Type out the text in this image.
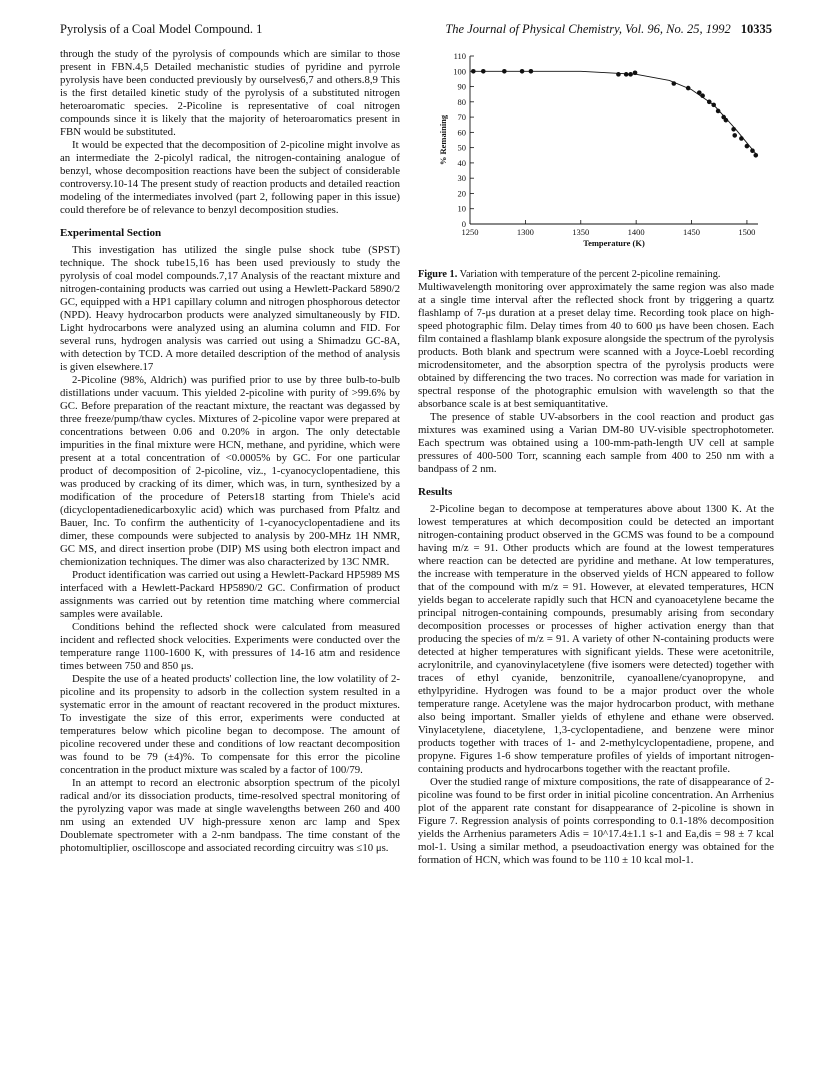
Pyrolysis of a Coal Model Compound. 1	The Journal of Physical Chemistry, Vol. 96, No. 25, 1992 10335

through the study of the pyrolysis of compounds which are similar to those present in FBN.4,5 Detailed mechanistic studies of pyridine and pyrrole pyrolysis have been conducted previously by ourselves6,7 and others.8,9 This is the first detailed kinetic study of the pyrolysis of a substituted nitrogen heteroaromatic species. 2-Picoline is representative of coal nitrogen compounds since it is likely that the majority of heteroaromatics present in FBN would be substituted.

It would be expected that the decomposition of 2-picoline might involve as an intermediate the 2-picolyl radical, the nitrogen-containing analogue of benzyl, whose decomposition reactions have been the subject of considerable controversy.10-14 The present study of reaction products and detailed reaction modeling of the intermediates involved (part 2, following paper in this issue) could therefore be of relevance to benzyl decomposition studies.

Experimental Section

This investigation has utilized the single pulse shock tube (SPST) technique. The shock tube15,16 has been used previously to study the pyrolysis of coal model compounds.7,17 Analysis of the reactant mixture and nitrogen-containing products was carried out using a Hewlett-Packard 5890/2 GC, equipped with a HP1 capillary column and nitrogen phosphorous detector (NPD). Heavy hydrocarbon products were analyzed simultaneously by FID. Light hydrocarbons were analyzed using an alumina column and FID. For several runs, hydrogen analysis was carried out using a Shimadzu GC-8A, with detection by TCD. A more detailed description of the method of analysis is given elsewhere.17

2-Picoline (98%, Aldrich) was purified prior to use by three bulb-to-bulb distillations under vacuum. This yielded 2-picoline with purity of >99.6% by GC. Before preparation of the reactant mixture, the reactant was degassed by three freeze/pump/thaw cycles. Mixtures of 2-picoline vapor were prepared at concentrations between 0.06 and 0.20% in argon. The only detectable impurities in the final mixture were HCN, methane, and pyridine, which were present at a total concentration of <0.0005% by GC. For one particular product of decomposition of 2-picoline, viz., 1-cyanocyclopentadiene, this was produced by cracking of its dimer, which was, in turn, synthesized by a modification of the procedure of Peters18 starting from Thiele's acid (dicyclopentadienedicarboxylic acid) which was purchased from Pfaltz and Bauer, Inc. To confirm the authenticity of 1-cyanocyclopentadiene and its dimer, these compounds were subjected to analysis by 200-MHz 1H NMR, GC MS, and direct insertion probe (DIP) MS using both electron impact and chemionization techniques. The dimer was also characterized by 13C NMR.

Product identification was carried out using a Hewlett-Packard HP5989 MS interfaced with a Hewlett-Packard HP5890/2 GC. Confirmation of product assignments was carried out by retention time matching where commercial samples were available.

Conditions behind the reflected shock were calculated from measured incident and reflected shock velocities. Experiments were conducted over the temperature range 1100-1600 K, with pressures of 14-16 atm and residence times between 750 and 850 μs.

Despite the use of a heated products' collection line, the low volatility of 2-picoline and its propensity to adsorb in the collection system resulted in a systematic error in the amount of reactant recovered in the product mixtures. To investigate the size of this error, experiments were conducted at temperatures below which picoline began to decompose. The amount of picoline recovered under these and conditions of low reactant decomposition was found to be 79 (±4)%. To compensate for this error the picoline concentration in the product mixture was scaled by a factor of 100/79.

In an attempt to record an electronic absorption spectrum of the picolyl radical and/or its dissociation products, time-resolved spectral monitoring of the pyrolyzing vapor was made at single wavelengths between 260 and 400 nm using an extended UV high-pressure xenon arc lamp and Spex Doublemate spectrometer with a 2-nm bandpass. The time constant of the photomultiplier, oscilloscope and associated recording circuitry was ≤10 μs.

0
10
20
30
40
50
60
70
80
90
100
110
1250	1300	1350	1400	1450	1500
Temperature (K)
% Remaining

Figure 1. Variation with temperature of the percent 2-picoline remaining.

Multiwavelength monitoring over approximately the same region was also made at a single time interval after the reflected shock front by triggering a quartz flashlamp of 7-μs duration at a preset delay time. Recording took place on high-speed photographic film. Delay times from 40 to 600 μs have been chosen. Each film contained a flashlamp blank exposure alongside the spectrum of the pyrolysis products. Both blank and spectrum were scanned with a Joyce-Loebl recording microdensitometer, and the absorption spectra of the pyrolysis products were obtained by differencing the two traces. No correction was made for variation in spectral response of the photographic emulsion with wavelength so that the absorbance scale is at best semiquantitative.

The presence of stable UV-absorbers in the cool reaction and product gas mixtures was examined using a Varian DM-80 UV-visible spectrophotometer. Each spectrum was obtained using a 100-mm-path-length UV cell at sample pressures of 400-500 Torr, scanning each sample from 400 to 250 nm with a bandpass of 2 nm.

Results

2-Picoline began to decompose at temperatures above about 1300 K. At the lowest temperatures at which decomposition could be detected an important nitrogen-containing product observed in the GCMS was found to be a compound having m/z = 91. Other products which are found at the lowest temperatures where reaction can be detected are pyridine and methane. At low temperatures, the increase with temperature in the observed yields of HCN appeared to follow that of the compound with m/z = 91. However, at elevated temperatures, HCN yields began to accelerate rapidly such that HCN and cyanoacetylene became the principal nitrogen-containing compounds, presumably arising from secondary decomposition processes or processes of higher activation energy than that producing the species of m/z = 91. A variety of other N-containing products were detected at higher temperatures with significant yields. These were acetonitrile, acrylonitrile, and cyanovinylacetylene (five isomers were detected) together with traces of ethyl cyanide, benzonitrile, cyanoallene/cyanopropyne, and ethylpyridine. Hydrogen was found to be a major product over the whole temperature range. Acetylene was the major hydrocarbon product, with methane also being important. Smaller yields of ethylene and ethane were observed. Vinylacetylene, diacetylene, 1,3-cyclopentadiene, and benzene were minor products together with traces of 1- and 2-methylcyclopentadiene, propene, and propyne. Figures 1-6 show temperature profiles of yields of important nitrogen-containing products and hydrocarbons together with the reactant profile.

Over the studied range of mixture compositions, the rate of disappearance of 2-picoline was found to be first order in initial picoline concentration. An Arrhenius plot of the apparent rate constant for disappearance of 2-picoline is shown in Figure 7. Regression analysis of points corresponding to 0.1-18% decomposition yields the Arrhenius parameters Adis = 10^17.4±1.1 s-1 and Ea,dis = 98 ± 7 kcal mol-1. Using a similar method, a pseudoactivation energy was obtained for the formation of HCN, which was found to be 110 ± 10 kcal mol-1.
